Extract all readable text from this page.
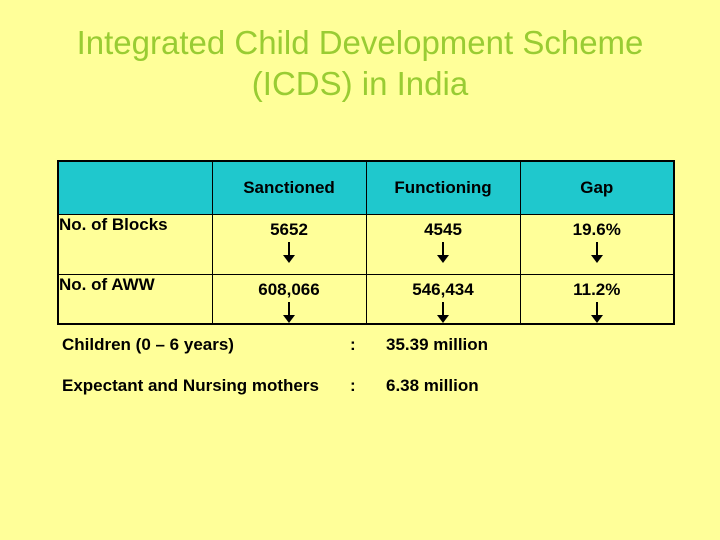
Integrated Child Development Scheme
(ICDS) in India
	Sanctioned	Functioning	Gap
No. of Blocks	5652	4545	19.6%

No. of AWW	608,066	546,434	11.2%
Children (0 – 6 years)	:	35.39 million
Expectant and Nursing mothers	:	6.38 million
